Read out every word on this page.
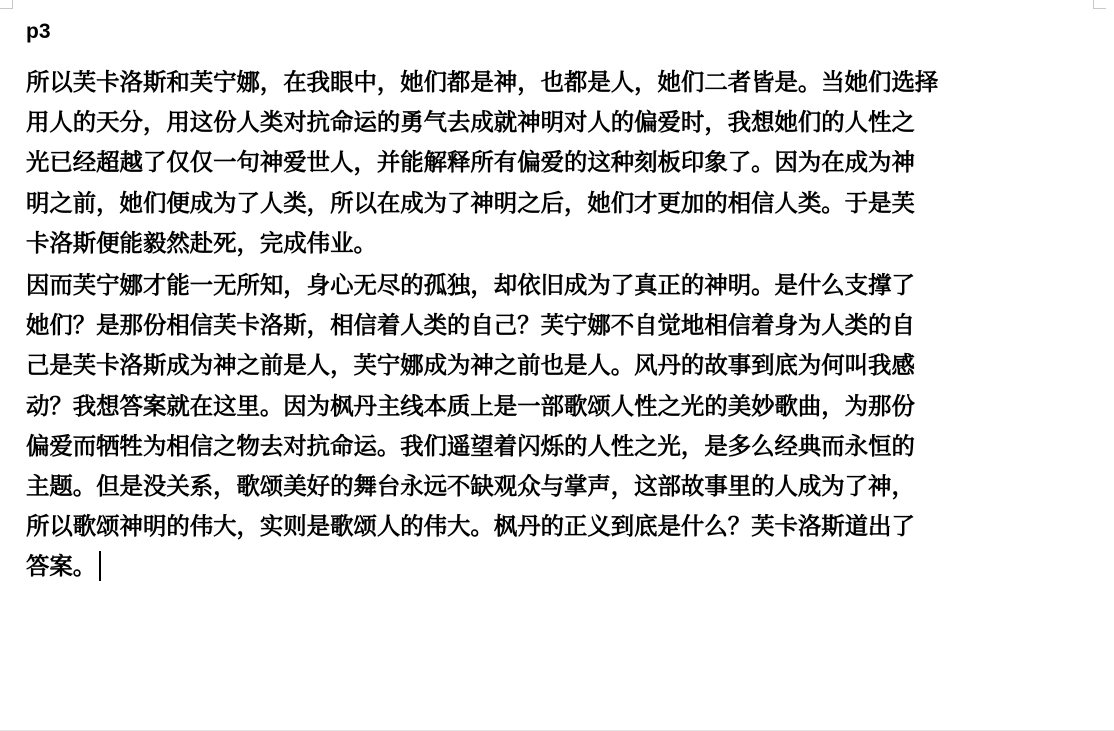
p3

所以芙卡洛斯和芙宁娜，在我眼中，她们都是神，也都是人，她们二者皆是。当她们选择
用人的天分，用这份人类对抗命运的勇气去成就神明对人的偏爱时，我想她们的人性之
光已经超越了仅仅一句神爱世人，并能解释所有偏爱的这种刻板印象了。因为在成为神
明之前，她们便成为了人类，所以在成为了神明之后，她们才更加的相信人类。于是芙
卡洛斯便能毅然赴死，完成伟业。

因而芙宁娜才能一无所知，身心无尽的孤独，却依旧成为了真正的神明。是什么支撑了
她们？是那份相信芙卡洛斯，相信着人类的自己？芙宁娜不自觉地相信着身为人类的自
己是芙卡洛斯成为神之前是人，芙宁娜成为神之前也是人。风丹的故事到底为何叫我感
动？我想答案就在这里。因为枫丹主线本质上是一部歌颂人性之光的美妙歌曲，为那份
偏爱而牺牲为相信之物去对抗命运。我们遥望着闪烁的人性之光，是多么经典而永恒的
主题。但是没关系，歌颂美好的舞台永远不缺观众与掌声，这部故事里的人成为了神，
所以歌颂神明的伟大，实则是歌颂人的伟大。枫丹的正义到底是什么？芙卡洛斯道出了
答案。
